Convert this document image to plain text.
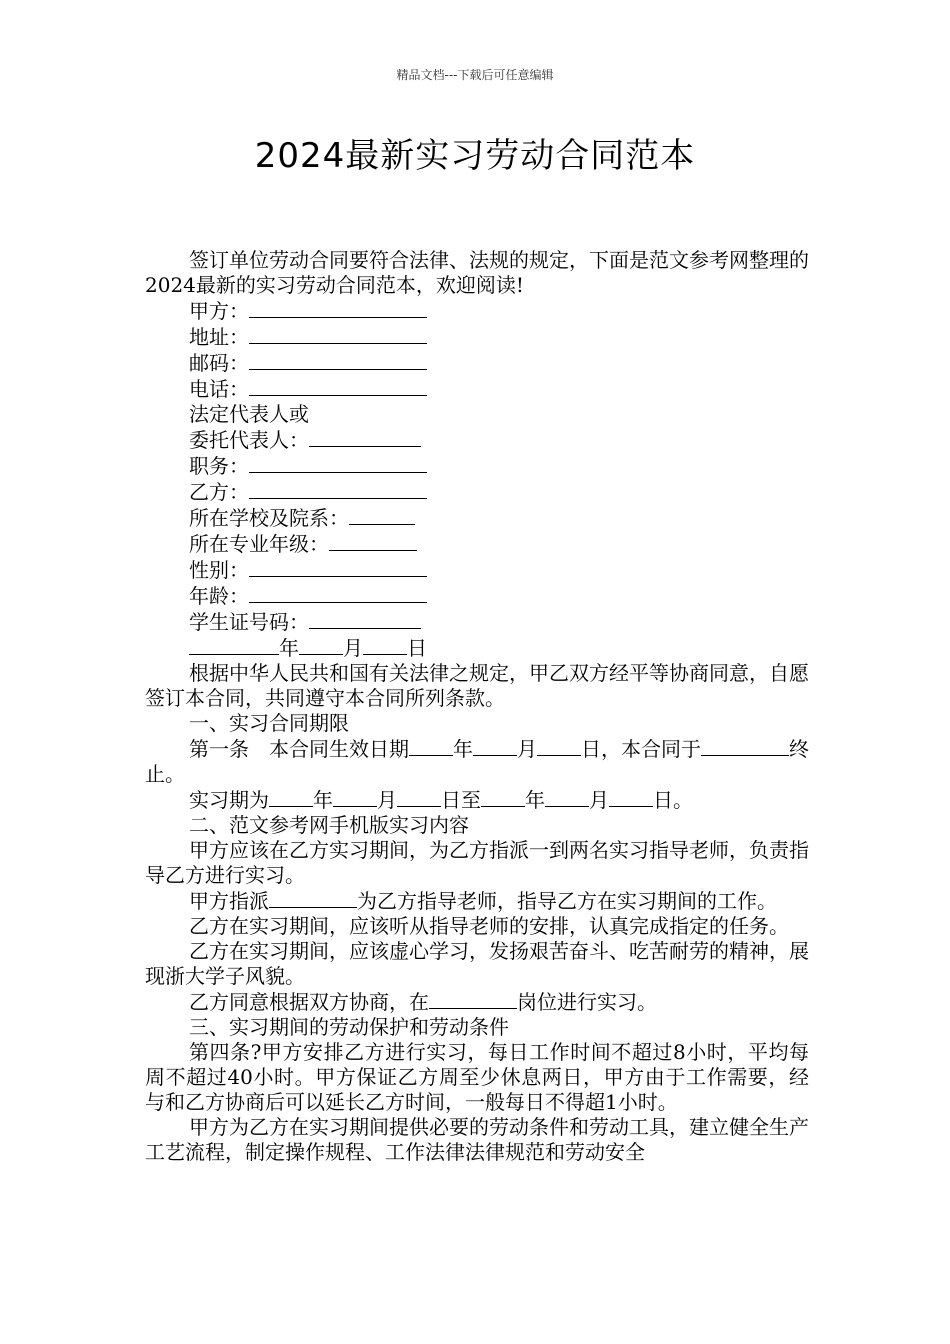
精品文档---下载后可任意编辑
2024最新实习劳动合同范本

签订单位劳动合同要符合法律、法规的规定，下面是范文参考网整理的2024最新的实习劳动合同范本，欢迎阅读!

甲方：

地址：

邮码：

电话：

法定代表人或

委托代表人：

职务：

乙方：

所在学校及院系：

所在专业年级：

性别：

年龄：

学生证号码：

年 月 日

根据中华人民共和国有关法律之规定，甲乙双方经平等协商同意，自愿签订本合同，共同遵守本合同所列条款。

一、实习合同期限

第一条　本合同生效日期 年 月 日，本合同于	终止。

实习期为 年 月 日至 年 月 日。

二、范文参考网手机版实习内容

甲方应该在乙方实习期间，为乙方指派一到两名实习指导老师，负责指导乙方进行实习。

甲方指派	为乙方指导老师，指导乙方在实习期间的工作。

乙方在实习期间，应该听从指导老师的安排，认真完成指定的任务。

乙方在实习期间，应该虚心学习，发扬艰苦奋斗、吃苦耐劳的精神，展现浙大学子风貌。

乙方同意根据双方协商，在	岗位进行实习。

三、实习期间的劳动保护和劳动条件

第四条?甲方安排乙方进行实习，每日工作时间不超过8小时，平均每周不超过40小时。甲方保证乙方周至少休息两日，甲方由于工作需要，经与和乙方协商后可以延长乙方时间，一般每日不得超1小时。

甲方为乙方在实习期间提供必要的劳动条件和劳动工具，建立健全生产工艺流程，制定操作规程、工作法律法律规范和劳动安全
